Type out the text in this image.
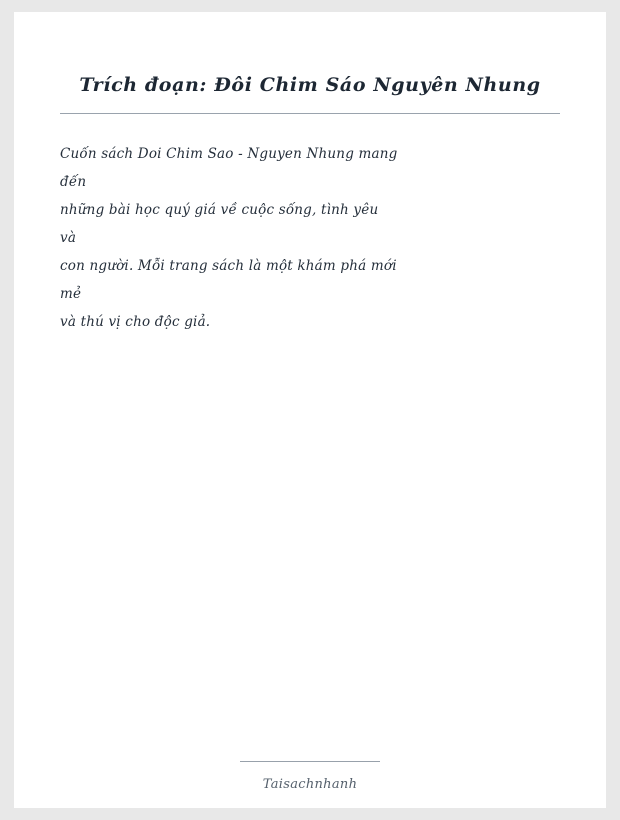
Trích đoạn: Đôi Chim Sáo Nguyên Nhung
Cuốn sách Doi Chim Sao - Nguyen Nhung mang
đến
những bài học quý giá về cuộc sống, tình yêu
và
con người. Mỗi trang sách là một khám phá mới
mẻ
và thú vị cho độc giả.
Taisachnhanh
